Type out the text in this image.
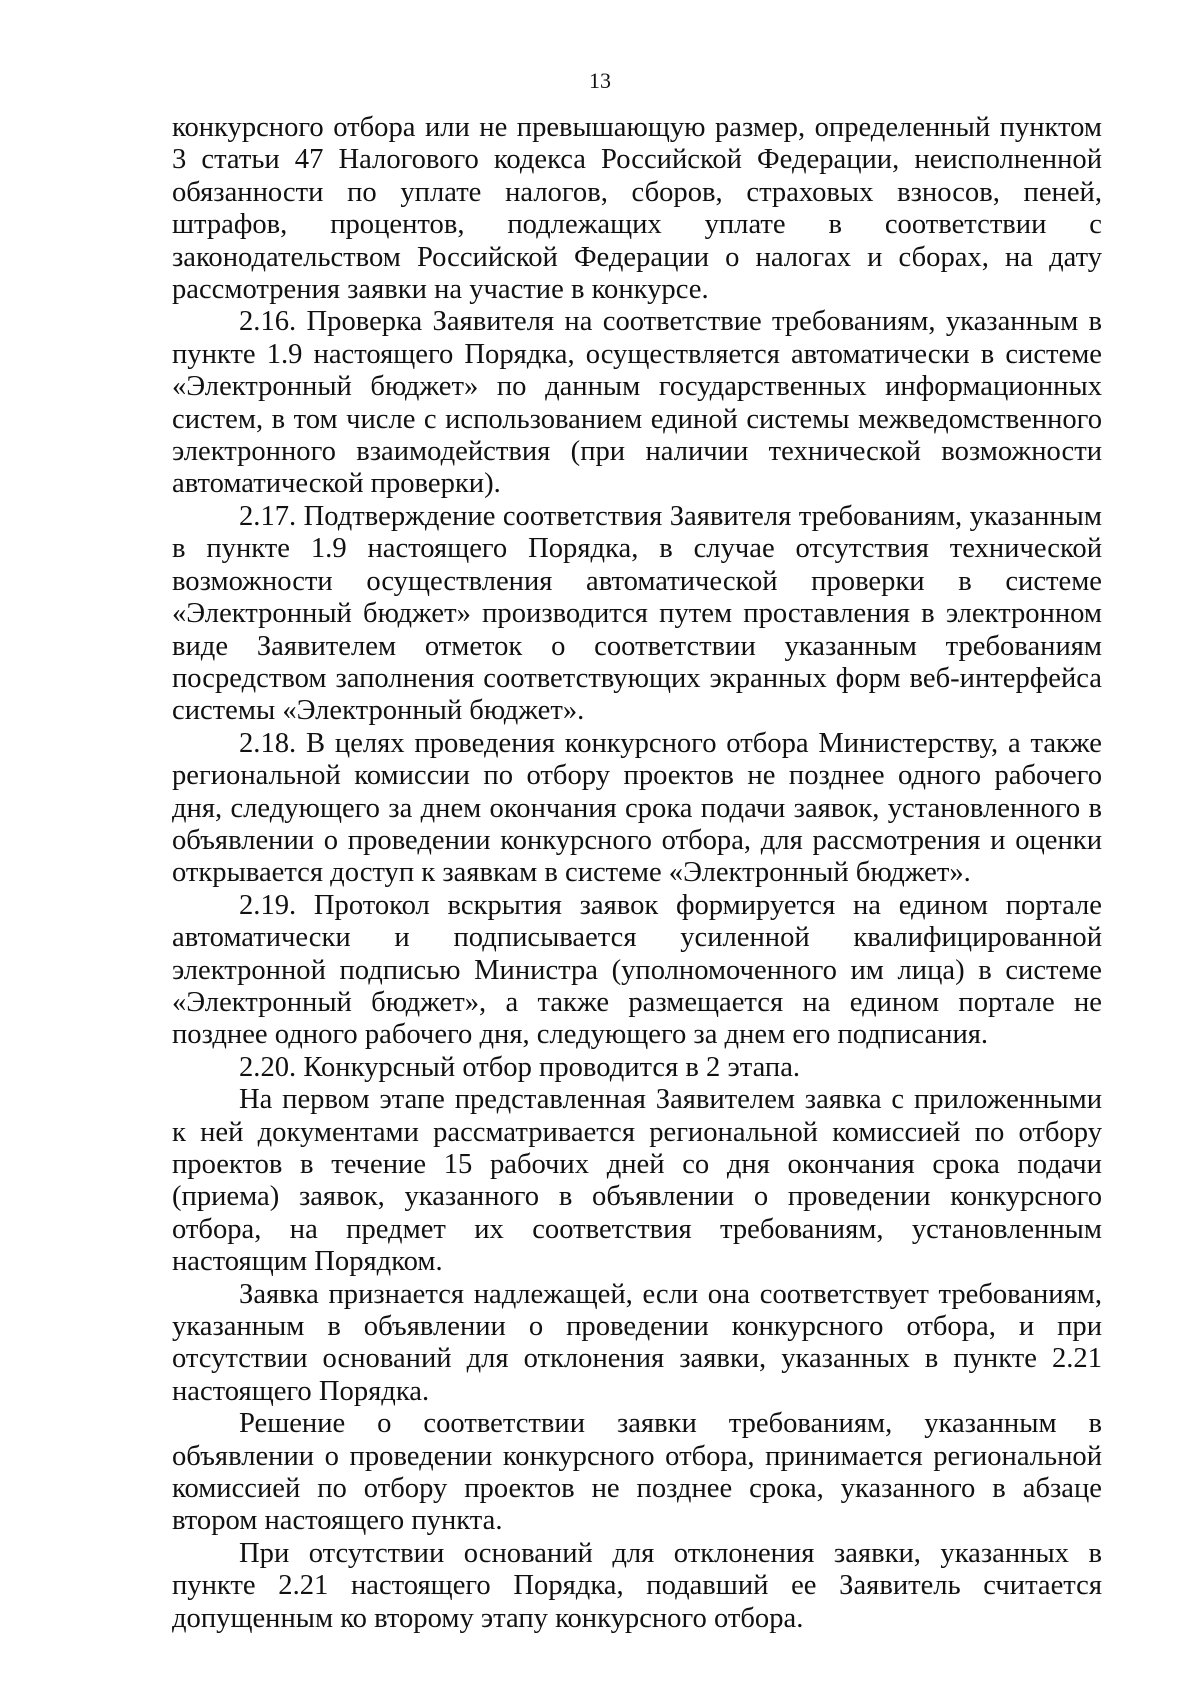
13

конкурсного отбора или не превышающую размер, определенный пунктом 3 статьи 47 Налогового кодекса Российской Федерации, неисполненной обязанности по уплате налогов, сборов, страховых взносов, пеней, штрафов, процентов, подлежащих уплате в соответствии с законодательством Российской Федерации о налогах и сборах, на дату рассмотрения заявки на участие в конкурсе.

2.16. Проверка Заявителя на соответствие требованиям, указанным в пункте 1.9 настоящего Порядка, осуществляется автоматически в системе «Электронный бюджет» по данным государственных информационных систем, в том числе с использованием единой системы межведомственного электронного взаимодействия (при наличии технической возможности автоматической проверки).

2.17. Подтверждение соответствия Заявителя требованиям, указанным в пункте 1.9 настоящего Порядка, в случае отсутствия технической возможности осуществления автоматической проверки в системе «Электронный бюджет» производится путем проставления в электронном виде Заявителем отметок о соответствии указанным требованиям посредством заполнения соответствующих экранных форм веб-интерфейса системы «Электронный бюджет».

2.18. В целях проведения конкурсного отбора Министерству, а также региональной комиссии по отбору проектов не позднее одного рабочего дня, следующего за днем окончания срока подачи заявок, установленного в объявлении о проведении конкурсного отбора, для рассмотрения и оценки открывается доступ к заявкам в системе «Электронный бюджет».

2.19. Протокол вскрытия заявок формируется на едином портале автоматически и подписывается усиленной квалифицированной электронной подписью Министра (уполномоченного им лица) в системе «Электронный бюджет», а также размещается на едином портале не позднее одного рабочего дня, следующего за днем его подписания.

2.20. Конкурсный отбор проводится в 2 этапа.

На первом этапе представленная Заявителем заявка с приложенными к ней документами рассматривается региональной комиссией по отбору проектов в течение 15 рабочих дней со дня окончания срока подачи (приема) заявок, указанного в объявлении о проведении конкурсного отбора, на предмет их соответствия требованиям, установленным настоящим Порядком.

Заявка признается надлежащей, если она соответствует требованиям, указанным в объявлении о проведении конкурсного отбора, и при отсутствии оснований для отклонения заявки, указанных в пункте 2.21 настоящего Порядка.

Решение о соответствии заявки требованиям, указанным в объявлении о проведении конкурсного отбора, принимается региональной комиссией по отбору проектов не позднее срока, указанного в абзаце втором настоящего пункта.

При отсутствии оснований для отклонения заявки, указанных в пункте 2.21 настоящего Порядка, подавший ее Заявитель считается допущенным ко второму этапу конкурсного отбора.
